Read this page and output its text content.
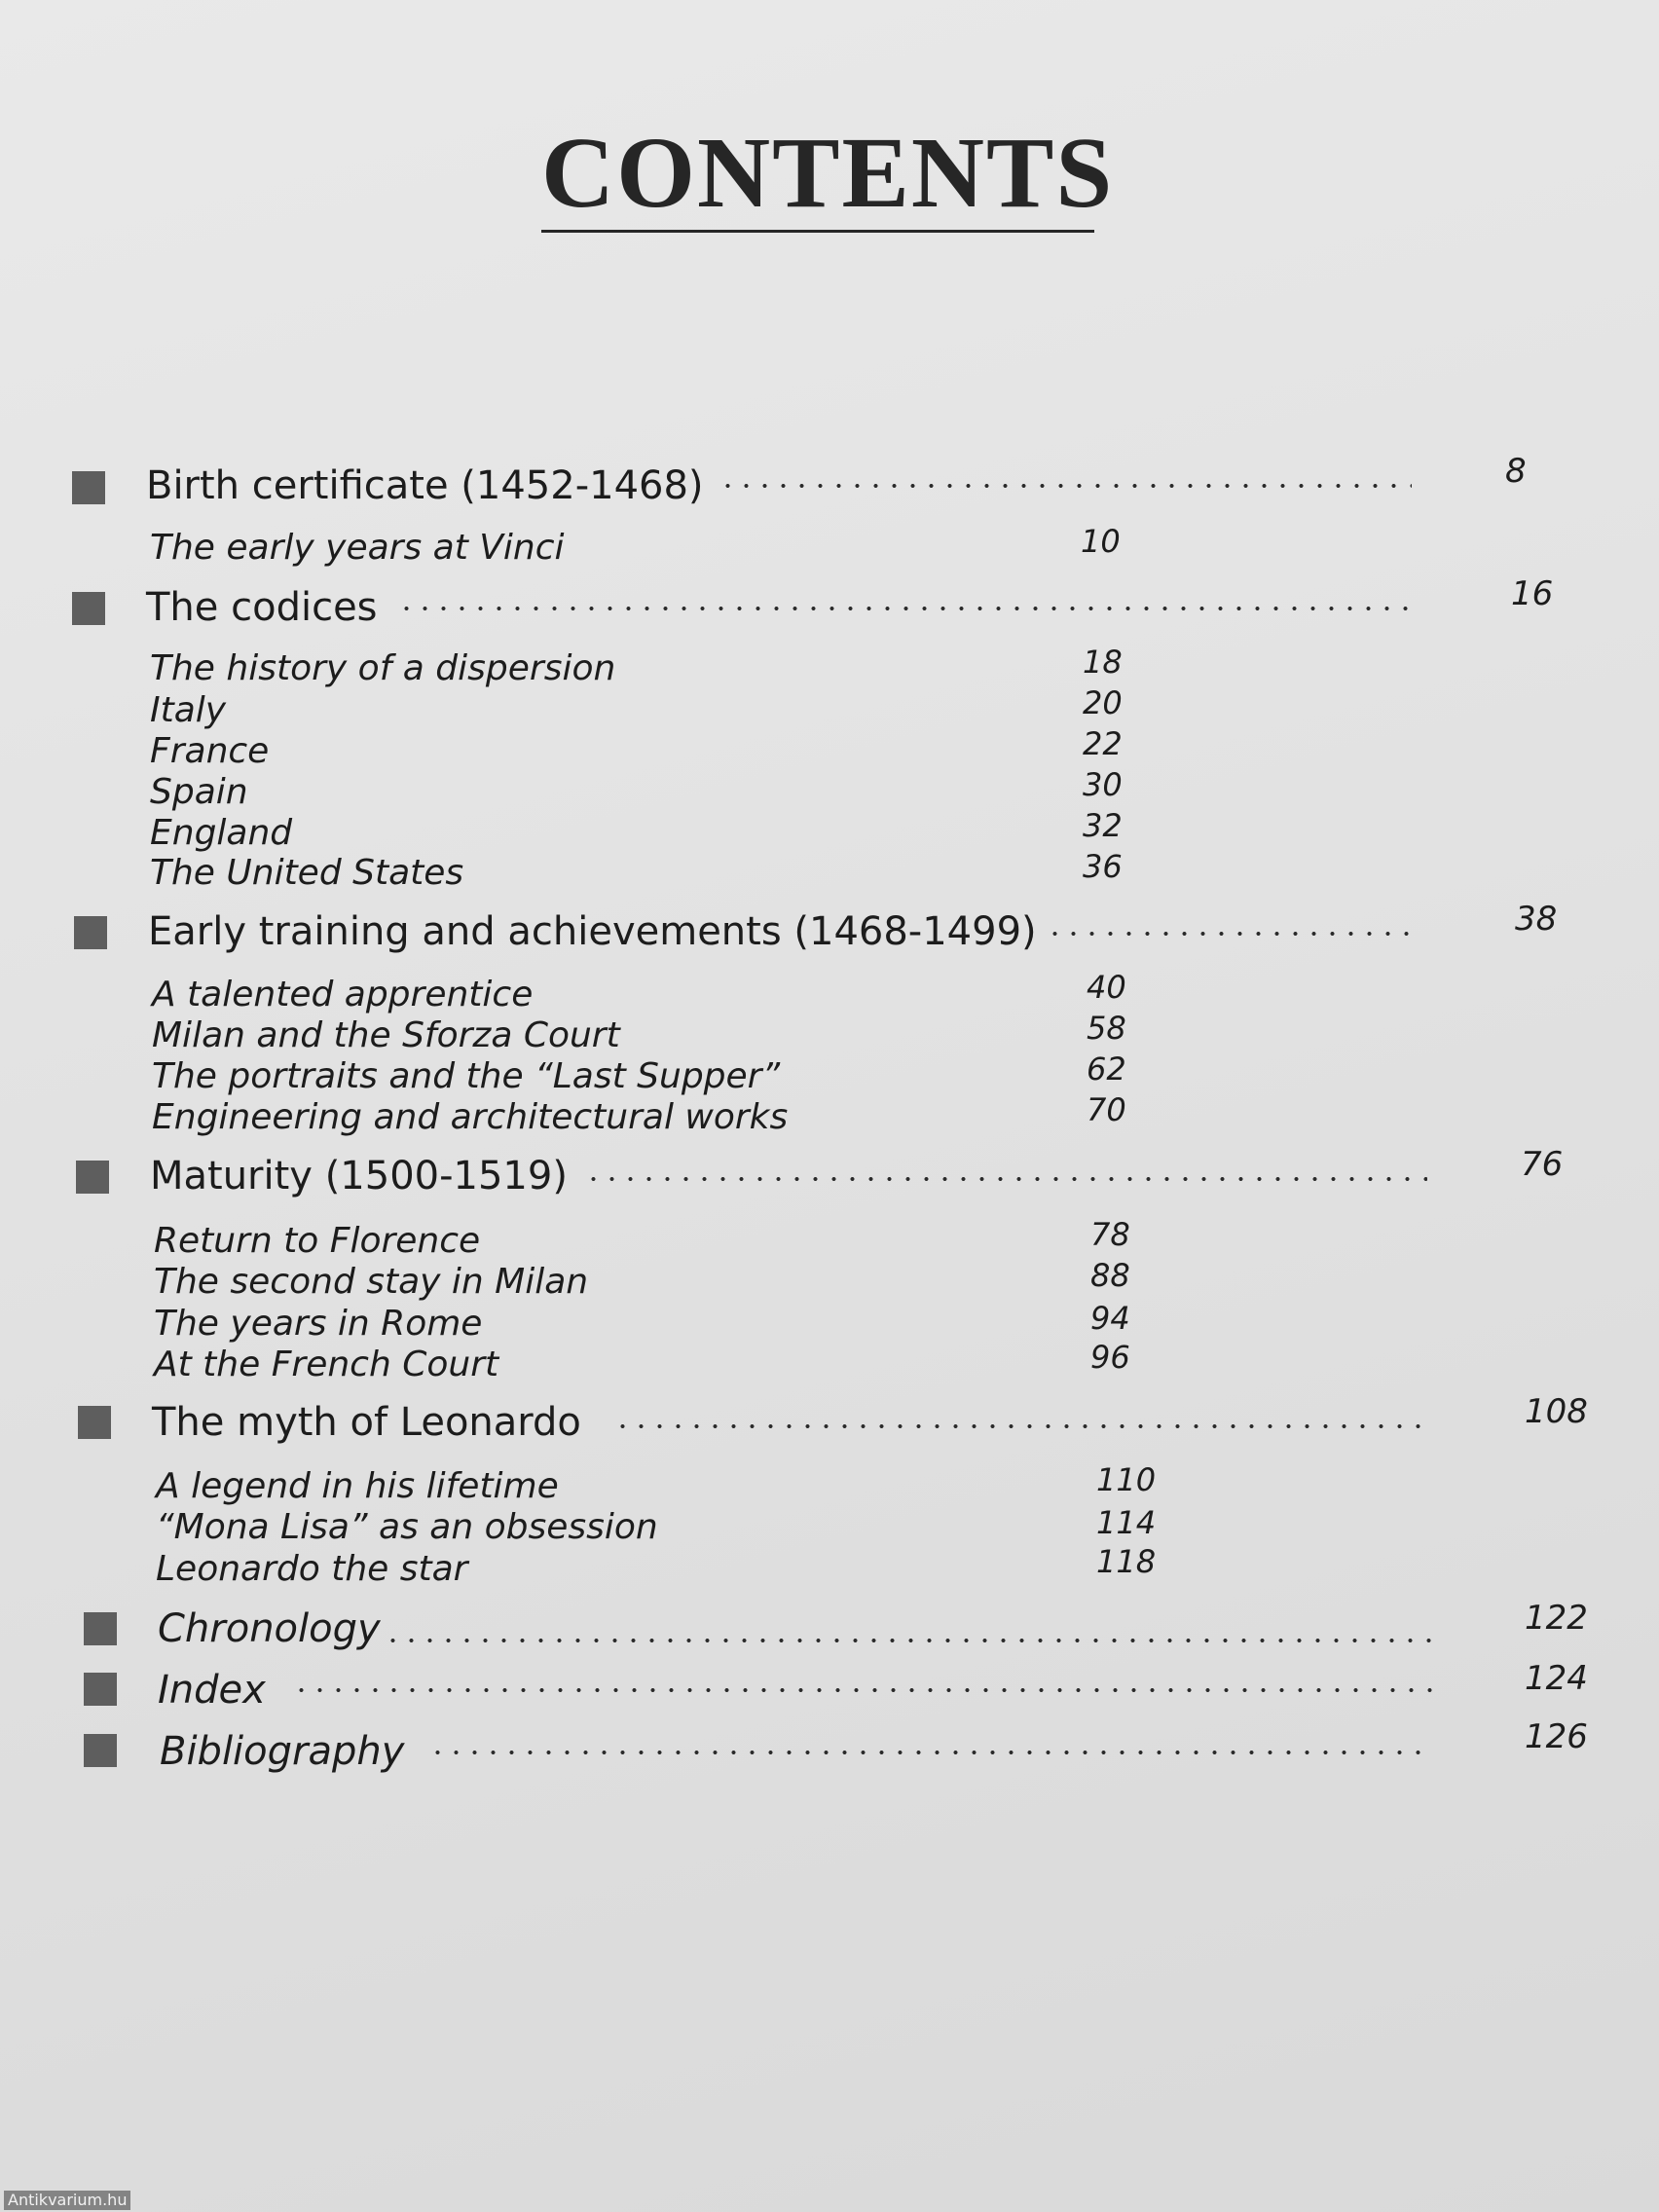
CONTENTS
Birth certificate (1452-1468)	8
The early years at Vinci	10
The codices	16
The history of a dispersion	18
Italy	20
France	22
Spain	30
England	32
The United States	36
Early training and achievements (1468-1499)	38
A talented apprentice	40
Milan and the Sforza Court	58
The portraits and the “Last Supper”	62
Engineering and architectural works	70
Maturity (1500-1519)	76
Return to Florence	78
The second stay in Milan	88
The years in Rome	94
At the French Court	96
The myth of Leonardo	108
A legend in his lifetime	110
“Mona Lisa” as an obsession	114
Leonardo the star	118
Chronology	122
Index	124
Bibliography	126
Antikvarium.hu
